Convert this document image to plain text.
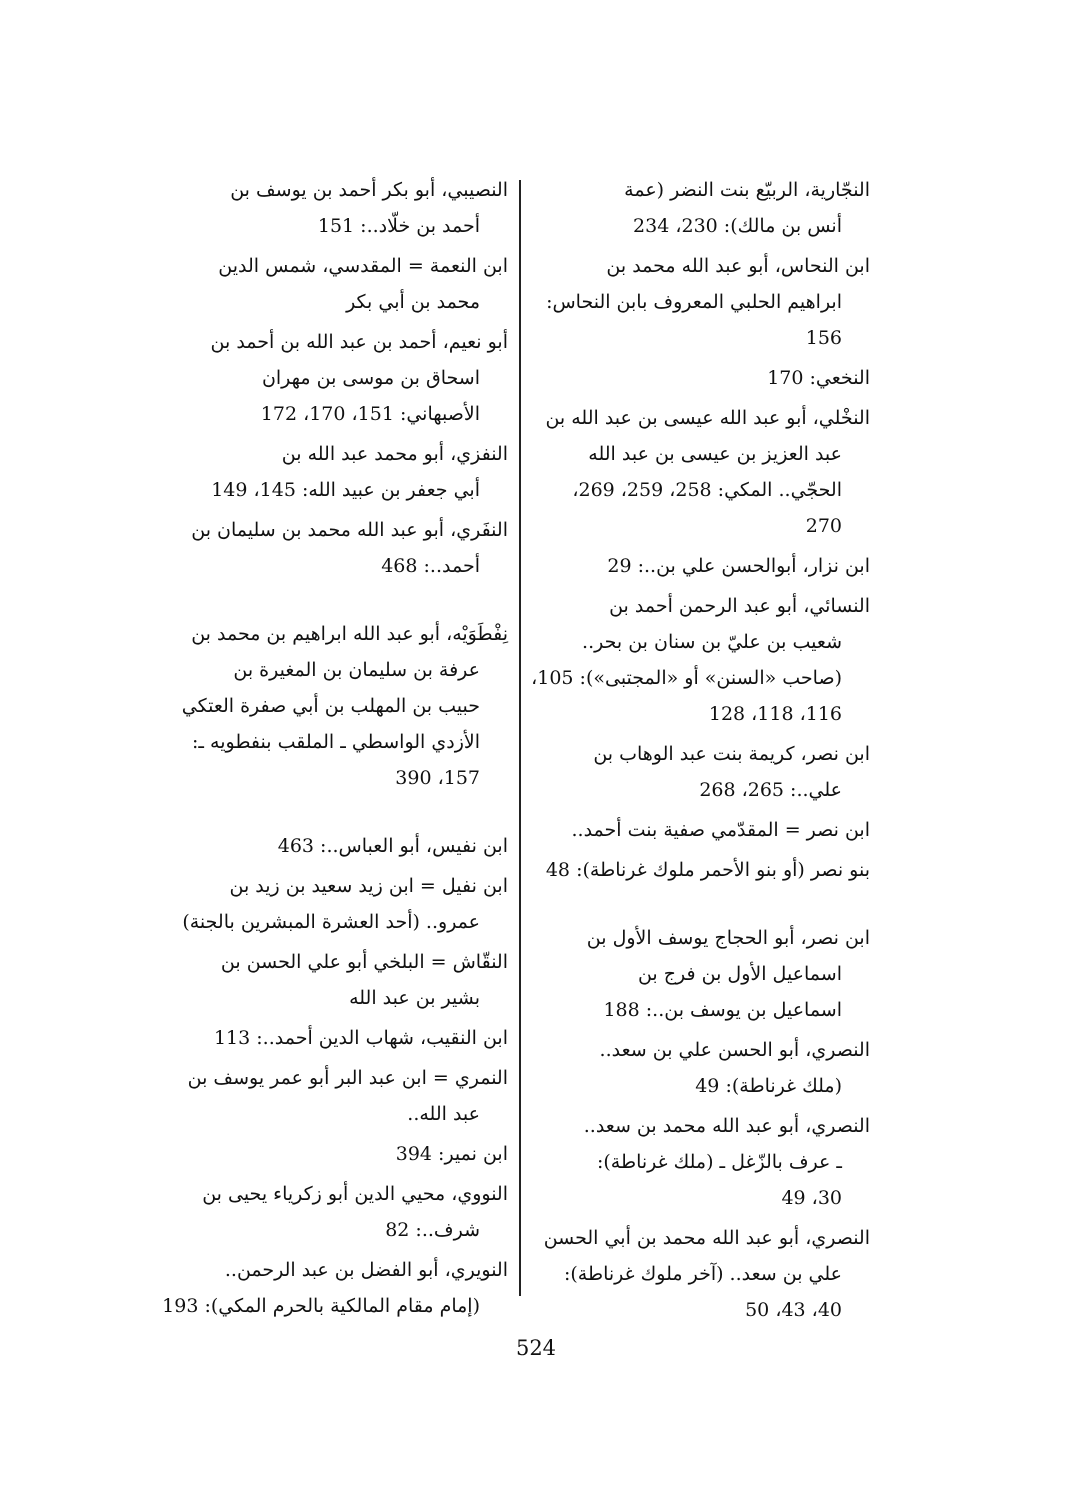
النجّارية، الربيّع بنت النضر (عمة
أنس بن مالك): 230، 234
ابن النحاس، أبو عبد الله محمد بن
ابراهيم الحلبي المعروف بابن النحاس:
156
النخعي: 170
النخْلي، أبو عبد الله عيسى بن عبد الله بن
عبد العزيز بن عيسى بن عبد الله
الحجّي.. المكي: 258، 259، 269،
270
ابن نزار، أبوالحسن علي بن..: 29
النسائي، أبو عبد الرحمن أحمد بن
شعيب بن عليّ بن سنان بن بحر..
(صاحب «السنن» أو «المجتبى»): 105،
116، 118، 128
ابن نصر، كريمة بنت عبد الوهاب بن
علي..: 265، 268
ابن نصر = المقدّمي صفية بنت أحمد..
بنو نصر (أو بنو الأحمر ملوك غرناطة): 48
ابن نصر، أبو الحجاج يوسف الأول بن
اسماعيل الأول بن فرج بن
اسماعيل بن يوسف بن..: 188
النصري، أبو الحسن علي بن سعد..
(ملك غرناطة): 49
النصري، أبو عبد الله محمد بن سعد..
ـ عرف بالزّغل ـ (ملك غرناطة):
30، 49
النصري، أبو عبد الله محمد بن أبي الحسن
علي بن سعد.. (آخر ملوك غرناطة):
40، 43، 50
النصيبي، أبو بكر أحمد بن يوسف بن
أحمد بن خلّاد..: 151
ابن النعمة = المقدسي، شمس الدين
محمد بن أبي بكر
أبو نعيم، أحمد بن عبد الله بن أحمد بن
اسحاق بن موسى بن مهران
الأصبهاني: 151، 170، 172
النفزي، أبو محمد عبد الله بن
أبي جعفر بن عبيد الله: 145، 149
النفَري، أبو عبد الله محمد بن سليمان بن
أحمد..: 468
نِفْطَوَيْه، أبو عبد الله ابراهيم بن محمد بن
عرفة بن سليمان بن المغيرة بن
حبيب بن المهلب بن أبي صفرة العتكي
الأزدي الواسطي ـ الملقب بنفطويه ـ:
157، 390
ابن نفيس، أبو العباس..: 463
ابن نفيل = ابن زيد سعيد بن زيد بن
عمرو.. (أحد العشرة المبشرين بالجنة)
النقّاش = البلخي أبو علي الحسن بن
بشير بن عبد الله
ابن النقيب، شهاب الدين أحمد..: 113
النمري = ابن عبد البر أبو عمر يوسف بن
عبد الله..
ابن نمير: 394
النووي، محيي الدين أبو زكرياء يحيى بن
شرف..: 82
النويري، أبو الفضل بن عبد الرحمن..
(إمام مقام المالكية بالحرم المكي): 193
524
